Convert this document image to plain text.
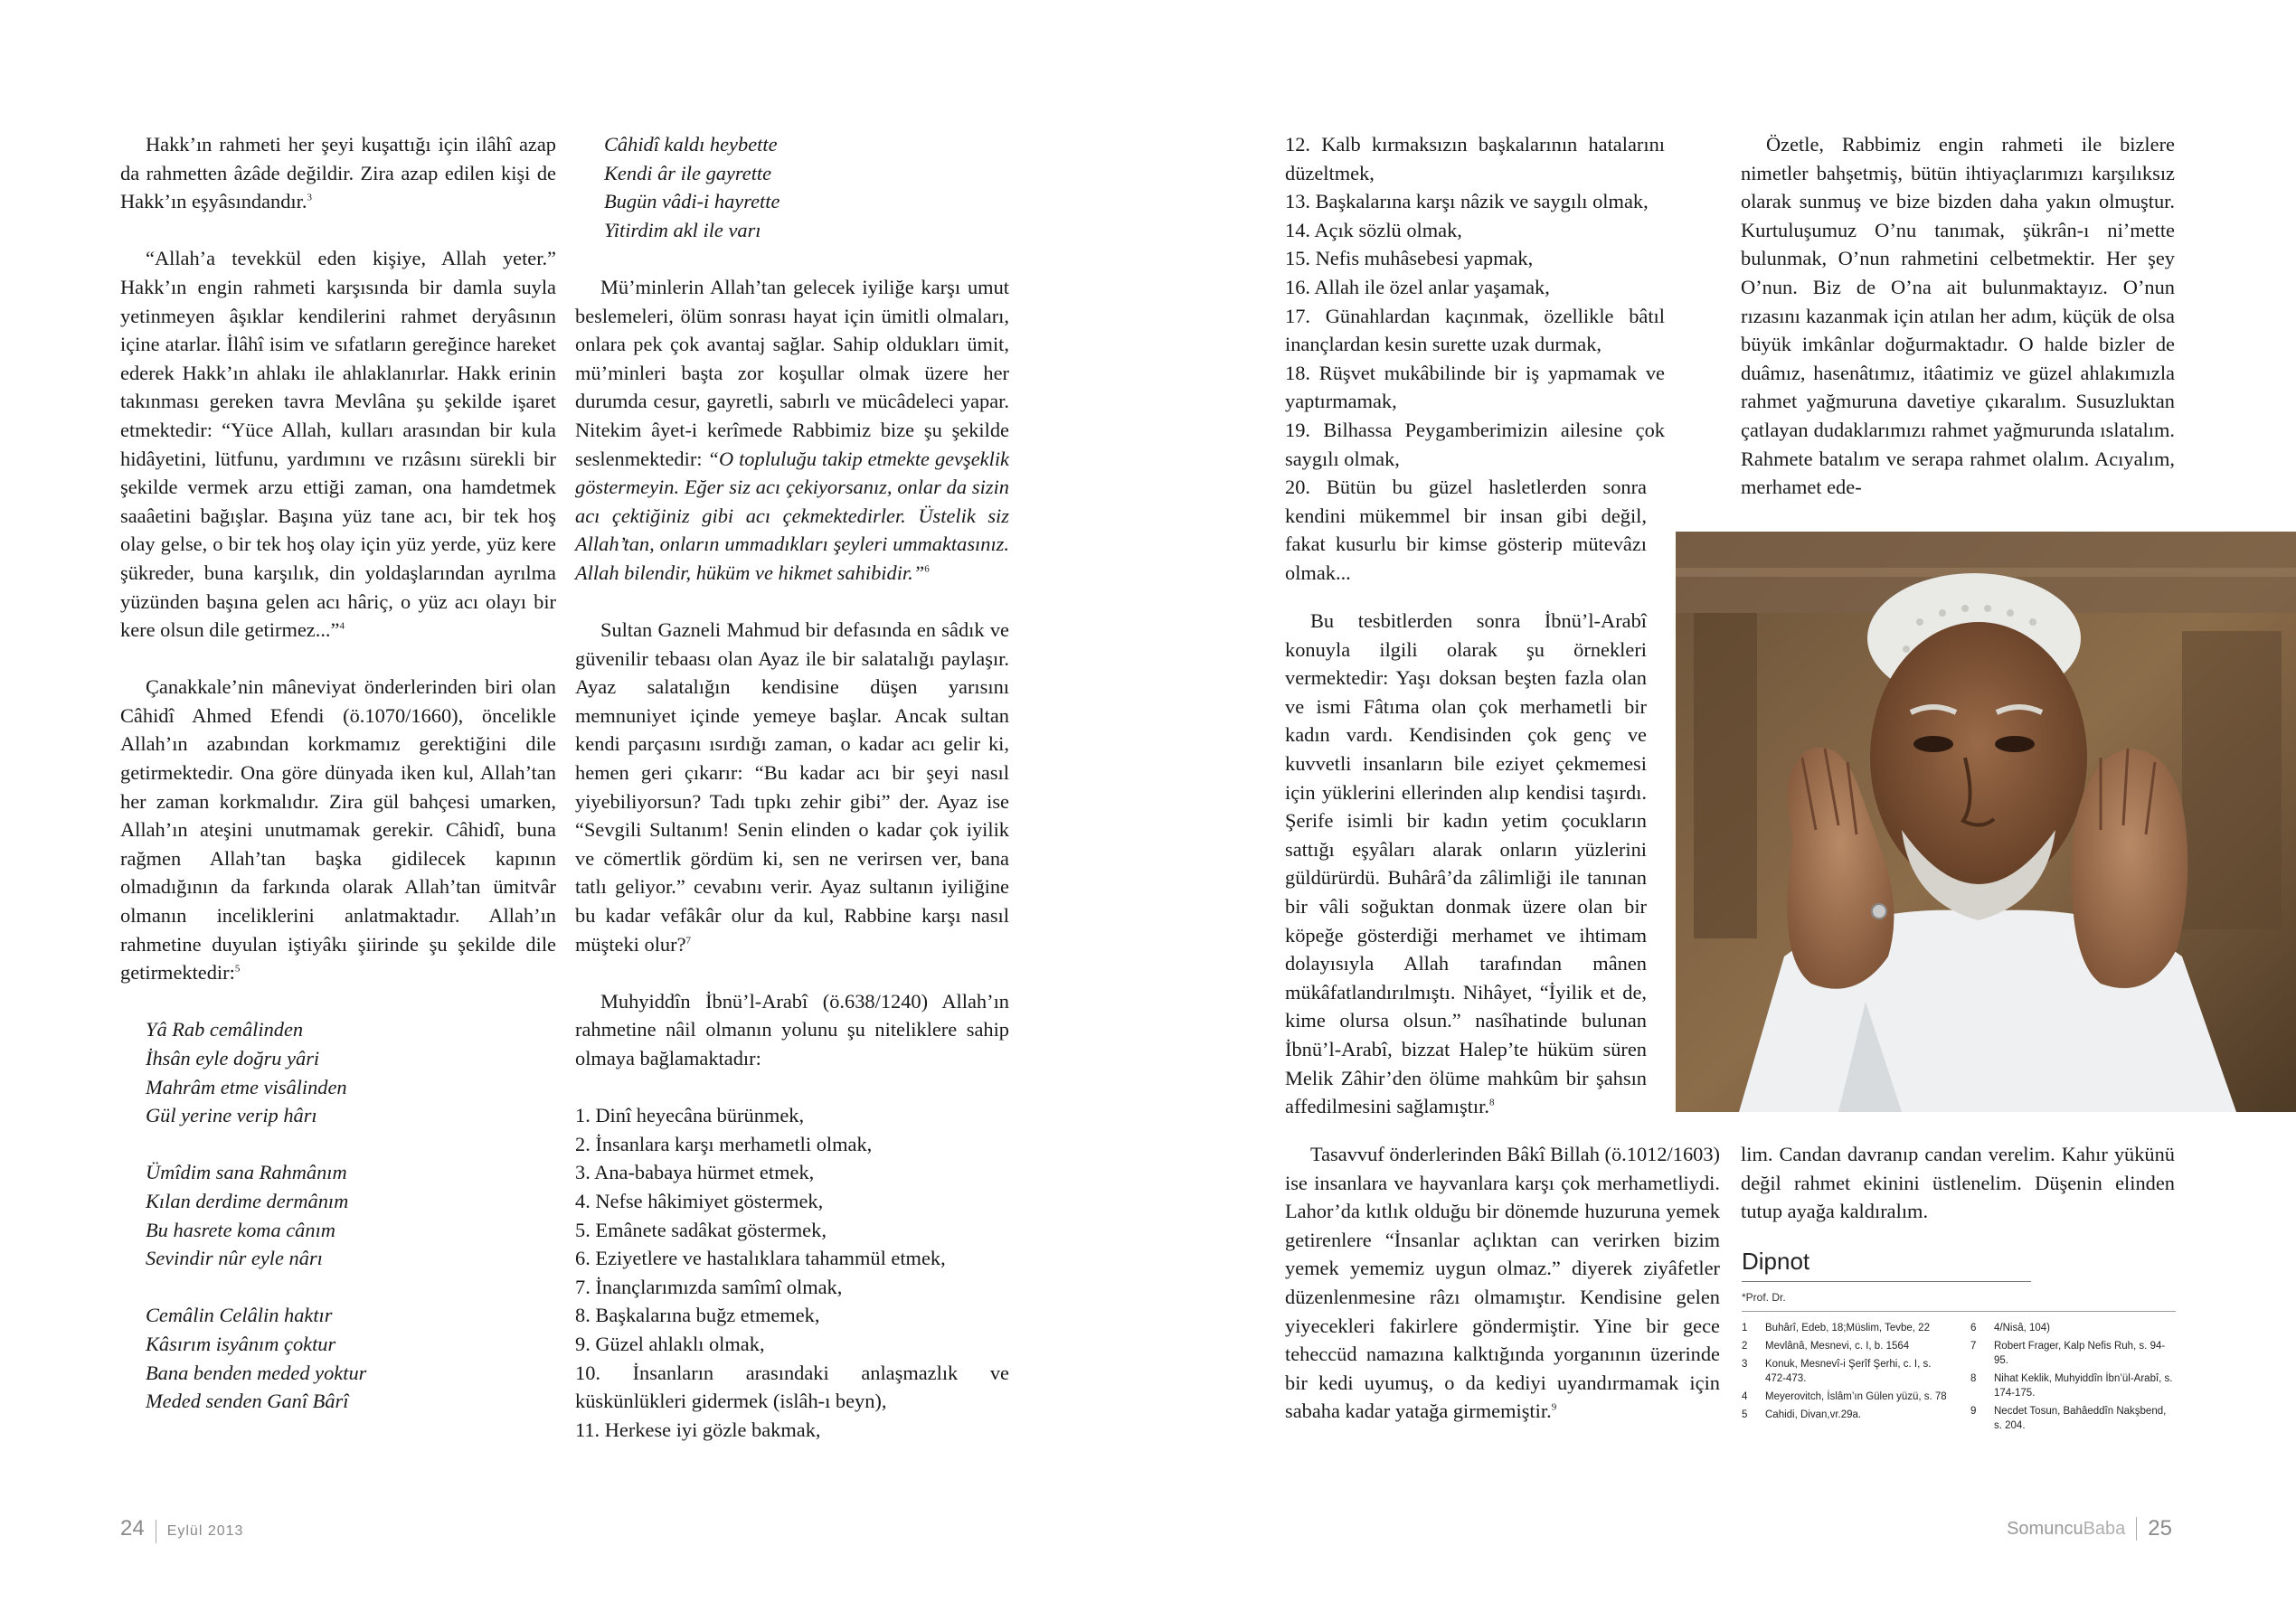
Hakk’ın rahmeti her şeyi kuşattığı için ilâhî azap da rahmetten âzâde değildir. Zira azap edilen kişi de Hakk’ın eşyâsındandır.$^3$

“Allah’a tevekkül eden kişiye, Allah yeter.” Hakk’ın engin rahmeti karşısında bir damla suyla yetinmeyen âşıklar kendilerini rahmet deryâsının içine atarlar. İlâhî isim ve sıfatların gereğince hareket ederek Hakk’ın ahlakı ile ahlaklanırlar. Hakk erinin takınması gereken tavra Mevlâna şu şekilde işaret etmektedir: “Yüce Allah, kulları arasından bir kula hidâyetini, lütfunu, yardımını ve rızâsını sürekli bir şekilde vermek arzu ettiği zaman, ona hamdetmek saaâetini bağışlar. Başına yüz tane acı, bir tek hoş olay gelse, o bir tek hoş olay için yüz yerde, yüz kere şükreder, buna karşılık, din yoldaşlarından ayrılma yüzünden başına gelen acı hâriç, o yüz acı olayı bir kere olsun dile getirmez...”$^4$

Çanakkale’nin mâneviyat önderlerinden biri olan Câhidî Ahmed Efendi (ö.1070/1660), öncelikle Allah’ın azabından korkmamız gerektiğini dile getirmektedir. Ona göre dünyada iken kul, Allah’tan her zaman korkmalıdır. Zira gül bahçesi umarken, Allah’ın ateşini unutmamak gerekir. Câhidî, buna rağmen Allah’tan başka gidilecek kapının olmadığının da farkında olarak Allah’tan ümitvâr olmanın inceliklerini anlatmaktadır. Allah’ın rahmetine duyulan iştiyâkı şiirinde şu şekilde dile getirmektedir:$^5$

Yâ Rab cemâlinden
İhsân eyle doğru yâri
Mahrâm etme visâlinden
Gül yerine verip hârı
Ümîdim sana Rahmânım
Kılan derdime dermânım
Bu hasrete koma cânım
Sevindir nûr eyle nârı
Cemâlin Celâlin haktır
Kâsırım isyânım çoktur
Bana benden meded yoktur
Meded senden Ganî Bârî
Câhidî kaldı heybette
Kendi âr ile gayrette
Bugün vâdi-i hayrette
Yitirdim akl ile varı

Mü’minlerin Allah’tan gelecek iyiliğe karşı umut beslemeleri, ölüm sonrası hayat için ümitli olmaları, onlara pek çok avantaj sağlar. Sahip oldukları ümit, mü’minleri başta zor koşullar olmak üzere her durumda cesur, gayretli, sabırlı ve mücâdeleci yapar. Nitekim âyet-i kerîmede Rabbimiz bize şu şekilde seslenmektedir: “O topluluğu takip etmekte gevşeklik göstermeyin. Eğer siz acı çekiyorsanız, onlar da sizin acı çektiğiniz gibi acı çekmektedirler. Üstelik siz Allah’tan, onların ummadıkları şeyleri ummaktasınız. Allah bilendir, hüküm ve hikmet sahibidir.”$^6$

Sultan Gazneli Mahmud bir defasında en sâdık ve güvenilir tebaası olan Ayaz ile bir salatalığı paylaşır. Ayaz salatalığın kendisine düşen yarısını memnuniyet içinde yemeye başlar. Ancak sultan kendi parçasını ısırdığı zaman, o kadar acı gelir ki, hemen geri çıkarır: “Bu kadar acı bir şeyi nasıl yiyebiliyorsun? Tadı tıpkı zehir gibi” der. Ayaz ise “Sevgili Sultanım! Senin elinden o kadar çok iyilik ve cömertlik gördüm ki, sen ne verirsen ver, bana tatlı geliyor.” cevabını verir. Ayaz sultanın iyiliğine bu kadar vefâkâr olur da kul, Rabbine karşı nasıl müşteki olur?$^7$

Muhyiddîn İbnü’l-Arabî (ö.638/1240) Allah’ın rahmetine nâil olmanın yolunu şu niteliklere sahip olmaya bağlamaktadır:

1. Dinî heyecâna bürünmek,
2. İnsanlara karşı merhametli olmak,
3. Ana-babaya hürmet etmek,
4. Nefse hâkimiyet göstermek,
5. Emânete sadâkat göstermek,
6. Eziyetlere ve hastalıklara tahammül etmek,
7. İnançlarımızda samîmî olmak,
8. Başkalarına buğz etmemek,
9. Güzel ahlaklı olmak,
10. İnsanların arasındaki anlaşmazlık ve küskünlükleri gidermek (islâh-ı beyn),
11. Herkese iyi gözle bakmak,
12. Kalb kırmaksızın başkalarının hatalarını düzeltmek,
13. Başkalarına karşı nâzik ve saygılı olmak,
14. Açık sözlü olmak,
15. Nefis muhâsebesi yapmak,
16. Allah ile özel anlar yaşamak,
17. Günahlardan kaçınmak, özellikle bâtıl inançlardan kesin surette uzak durmak,
18. Rüşvet mukâbilinde bir iş yapmamak ve yaptırmamak,
19. Bilhassa Peygamberimizin ailesine çok saygılı olmak,
20. Bütün bu güzel hasletlerden sonra kendini mükemmel bir insan gibi değil, fakat kusurlu bir kimse gösterip mütevâzı olmak...

Bu tesbitlerden sonra İbnü’l-Arabî konuyla ilgili olarak şu örnekleri vermektedir: Yaşı doksan beşten fazla olan ve ismi Fâtıma olan çok merhametli bir kadın vardı. Kendisinden çok genç ve kuvvetli insanların bile eziyet çekmemesi için yüklerini ellerinden alıp kendisi taşırdı. Şerife isimli bir kadın yetim çocukların sattığı eşyâları alarak onların yüzlerini güldürürdü. Buhârâ’da zâlimliği ile tanınan bir vâli soğuktan donmak üzere olan bir köpeğe gösterdiği merhamet ve ihtimam dolayısıyla Allah tarafından mânen mükâfatlandırılmıştı. Nihâyet, “İyilik et de, kime olursa olsun.” nasîhatinde bulunan İbnü’l-Arabî, bizzat Halep’te hüküm süren Melik Zâhir’den ölüme mahkûm bir şahsın affedilmesini sağlamıştır.$^8$

Tasavvuf önderlerinden Bâkî Billah (ö.1012/1603) ise insanlara ve hayvanlara karşı çok merhametliydi. Lahor’da kıtlık olduğu bir dönemde huzuruna yemek getirenlere “İnsanlar açlıktan can verirken bizim yemek yememiz uygun olmaz.” diyerek ziyâfetler düzenlenmesine râzı olmamıştır. Kendisine gelen yiyecekleri fakirlere göndermiştir. Yine bir gece teheccüd namazına kalktığında yorganının üzerinde bir kedi uyumuş, o da kediyi uyandırmamak için sabaha kadar yatağa girmemiştir.$^9$

Özetle, Rabbimiz engin rahmeti ile bizlere nimetler bahşetmiş, bütün ihtiyaçlarımızı karşılıksız olarak sunmuş ve bize bizden daha yakın olmuştur. Kurtuluşumuz O’nu tanımak, şükrân-ı ni’mette bulunmak, O’nun rahmetini celbetmektir. Her şey O’nun. Biz de O’na ait bulunmaktayız. O’nun rızasını kazanmak için atılan her adım, küçük de olsa büyük imkânlar doğurmaktadır. O halde bizler de duâmız, hasenâtımız, itâatimiz ve güzel ahlakımızla rahmet yağmuruna davetiye çıkaralım. Susuzluktan çatlayan dudaklarımızı rahmet yağmurunda ıslatalım. Rahmete batalım ve serapa rahmet olalım. Acıyalım, merhamet ede-

lim. Candan davranıp candan verelim. Kahır yükünü değil rahmet ekinini üstlenelim. Düşenin elinden tutup ayağa kaldıralım.

Dipnot
*Prof. Dr.
1	Buhârî, Edeb, 18;Müslim, Tevbe, 22
2	Mevlânâ, Mesnevi, c. I, b. 1564
3	Konuk, Mesnevî-i Şerîf Şerhi, c. I, s. 472-473.
4	Meyerovitch, İslâm’ın Gülen yüzü, s. 78
5	Cahidi, Divan,vr.29a.
6	4/Nisâ, 104)
7	Robert Frager, Kalp Nefis Ruh, s. 94-95.
8	Nihat Keklik, Muhyiddîn İbn’ül-Arabî, s. 174-175.
9	Necdet Tosun, Bahâeddîn Nakşbend, s. 204.
24 Eylül 2013	SomuncuBaba 25
